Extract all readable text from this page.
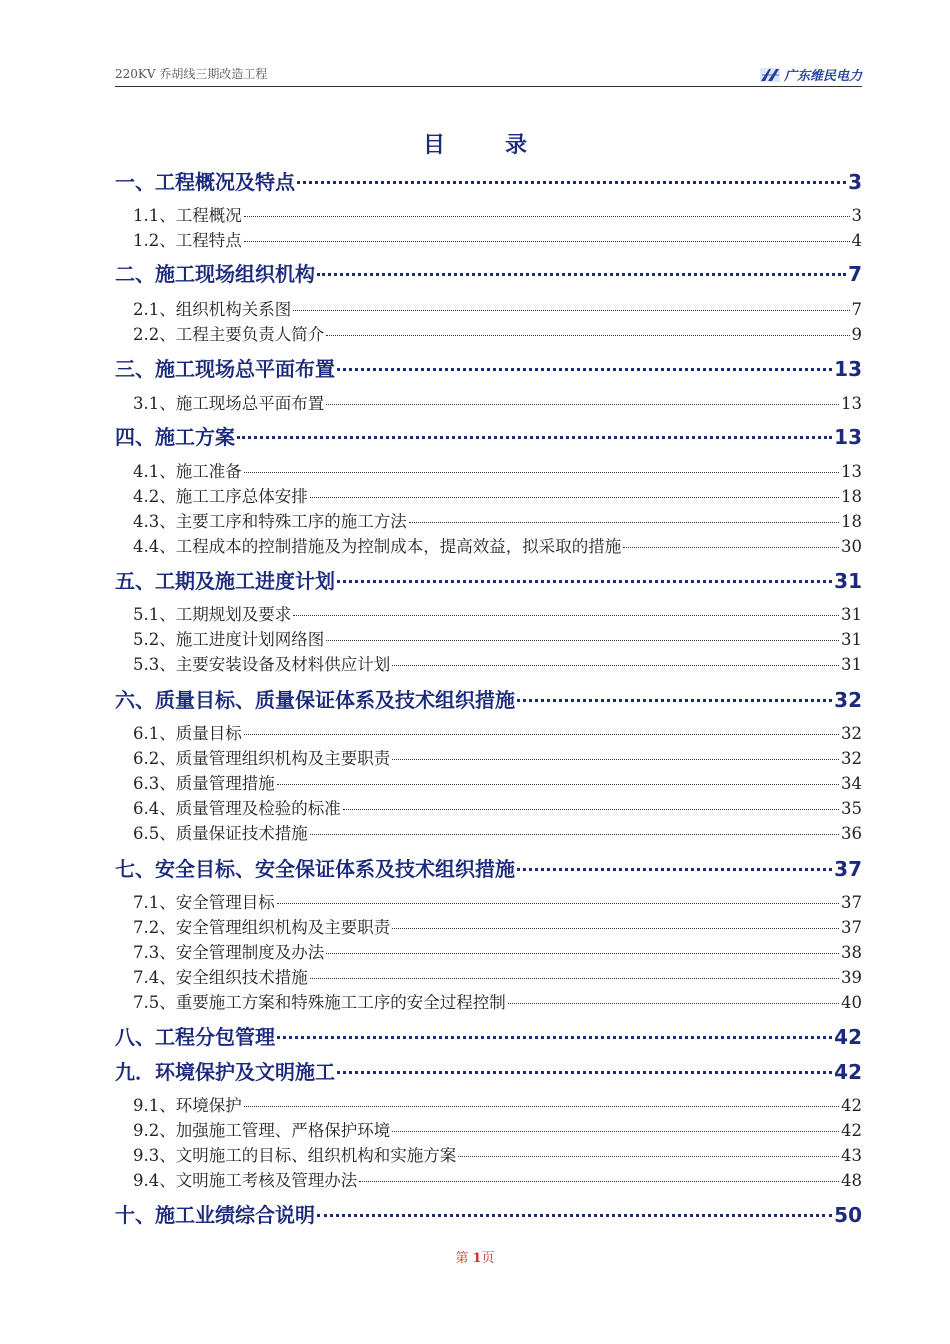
220KV 乔胡线三期改造工程	广东维民电力
目录
一、工程概况及特点	3
1.1、工程概况	3
1.2、工程特点	4
二、施工现场组织机构	7
2.1、组织机构关系图	7
2.2、工程主要负责人简介	9
三、施工现场总平面布置	13
3.1、施工现场总平面布置	13
四、施工方案	13
4.1、施工准备	13
4.2、施工工序总体安排	18
4.3、主要工序和特殊工序的施工方法	18
4.4、工程成本的控制措施及为控制成本，提高效益，拟采取的措施	30
五、工期及施工进度计划	31
5.1、工期规划及要求	31
5.2、施工进度计划网络图	31
5.3、主要安装设备及材料供应计划	31
六、质量目标、质量保证体系及技术组织措施	32
6.1、质量目标	32
6.2、质量管理组织机构及主要职责	32
6.3、质量管理措施	34
6.4、质量管理及检验的标准	35
6.5、质量保证技术措施	36
七、安全目标、安全保证体系及技术组织措施	37
7.1、安全管理目标	37
7.2、安全管理组织机构及主要职责	37
7.3、安全管理制度及办法	38
7.4、安全组织技术措施	39
7.5、重要施工方案和特殊施工工序的安全过程控制	40
八、工程分包管理	42
九．环境保护及文明施工	42
9.1、环境保护	42
9.2、加强施工管理、严格保护环境	42
9.3、文明施工的目标、组织机构和实施方案	43
9.4、文明施工考核及管理办法	48
十、施工业绩综合说明	50
第 1页
